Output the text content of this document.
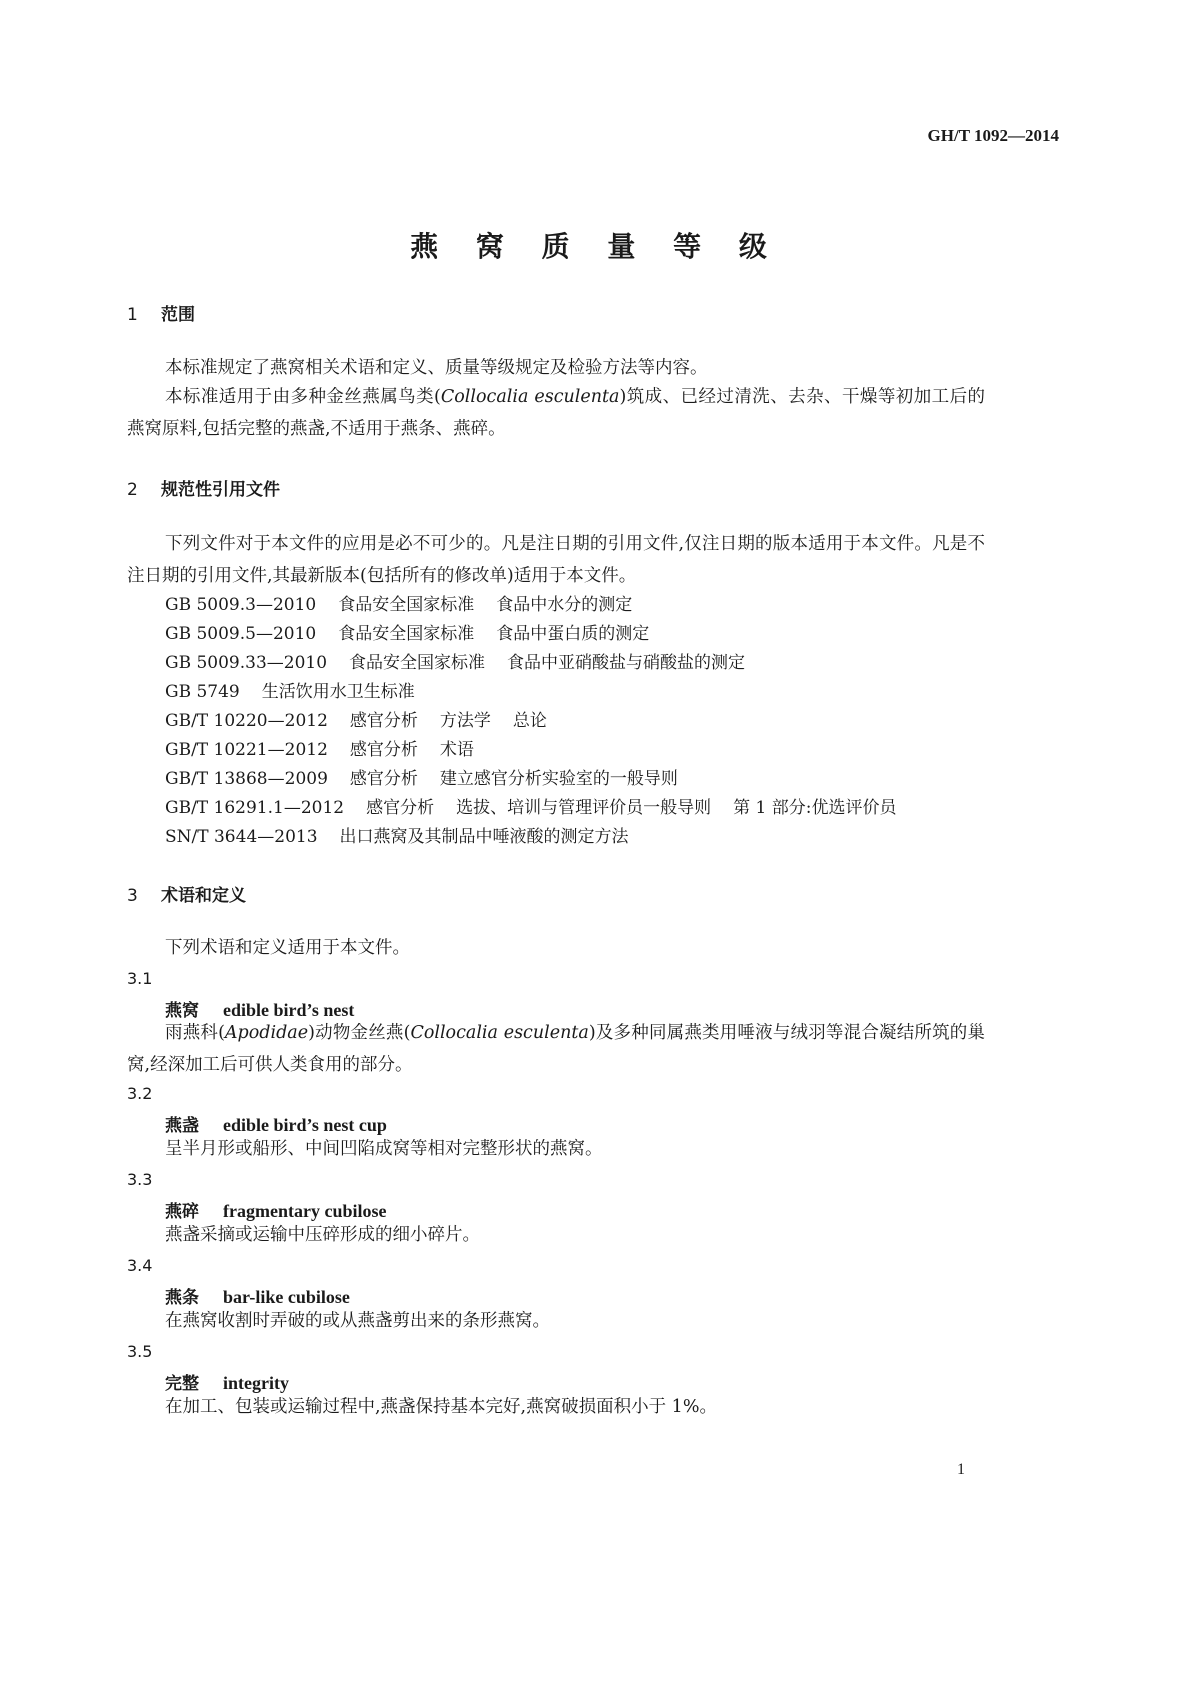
GH/T 1092—2014
燕 窝 质 量 等 级
1 范围
本标准规定了燕窝相关术语和定义、质量等级规定及检验方法等内容。
本标准适用于由多种金丝燕属鸟类(Collocalia esculenta)筑成、已经过清洗、去杂、干燥等初加工后的燕窝原料,包括完整的燕盏,不适用于燕条、燕碎。
2 规范性引用文件
下列文件对于本文件的应用是必不可少的。凡是注日期的引用文件,仅注日期的版本适用于本文件。凡是不注日期的引用文件,其最新版本(包括所有的修改单)适用于本文件。
GB 5009.3—2010 食品安全国家标准 食品中水分的测定
GB 5009.5—2010 食品安全国家标准 食品中蛋白质的测定
GB 5009.33—2010 食品安全国家标准 食品中亚硝酸盐与硝酸盐的测定
GB 5749 生活饮用水卫生标准
GB/T 10220—2012 感官分析 方法学 总论
GB/T 10221—2012 感官分析 术语
GB/T 13868—2009 感官分析 建立感官分析实验室的一般导则
GB/T 16291.1—2012 感官分析 选拔、培训与管理评价员一般导则 第 1 部分:优选评价员
SN/T 3644—2013 出口燕窝及其制品中唾液酸的测定方法
3 术语和定义
下列术语和定义适用于本文件。
3.1
燕窝 edible bird’s nest
雨燕科(Apodidae)动物金丝燕(Collocalia esculenta)及多种同属燕类用唾液与绒羽等混合凝结所筑的巢窝,经深加工后可供人类食用的部分。
3.2
燕盏 edible bird’s nest cup
呈半月形或船形、中间凹陷成窝等相对完整形状的燕窝。
3.3
燕碎 fragmentary cubilose
燕盏采摘或运输中压碎形成的细小碎片。
3.4
燕条 bar-like cubilose
在燕窝收割时弄破的或从燕盏剪出来的条形燕窝。
3.5
完整 integrity
在加工、包装或运输过程中,燕盏保持基本完好,燕窝破损面积小于 1%。
1
